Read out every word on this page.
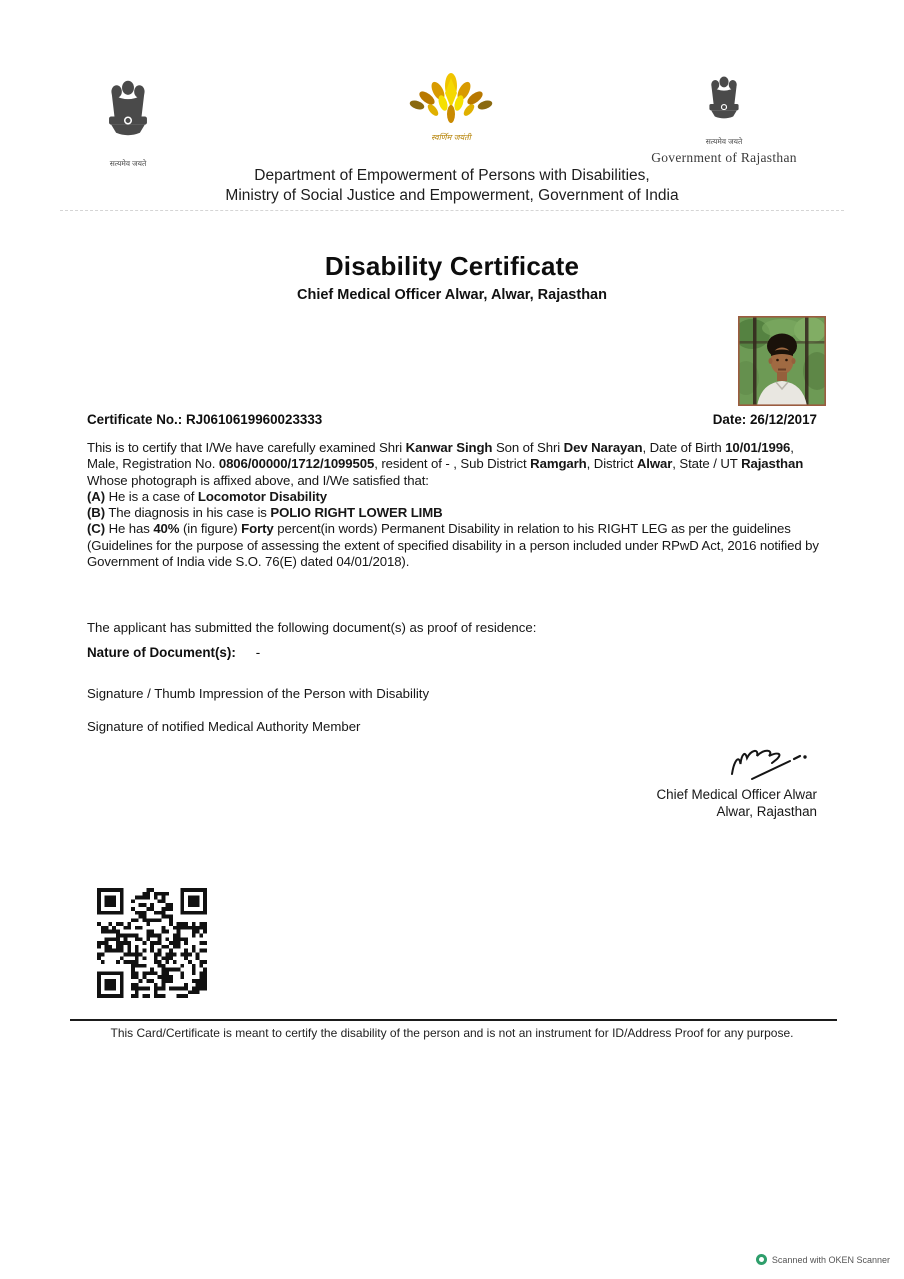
सत्यमेव जयते
स्वर्णिम जयंती	सत्यमेव जयते
Government of Rajasthan
Department of Empowerment of Persons with Disabilities,
Ministry of Social Justice and Empowerment, Government of India
Disability Certificate
Chief Medical Officer Alwar, Alwar, Rajasthan
Certificate No.: RJ0610619960023333	Date: 26/12/2017

This is to certify that I/We have carefully examined Shri Kanwar Singh Son of Shri Dev Narayan, Date of Birth 10/01/1996, Male, Registration No. 0806/00000/1712/1099505, resident of - , Sub District Ramgarh, District Alwar, State / UT Rajasthan

Whose photograph is affixed above, and I/We satisfied that:

(A) He is a case of Locomotor Disability

(B) The diagnosis in his case is POLIO RIGHT LOWER LIMB

(C) He has 40% (in figure) Forty percent(in words) Permanent Disability in relation to his RIGHT LEG as per the guidelines (Guidelines for the purpose of assessing the extent of specified disability in a person included under RPwD Act, 2016 notified by Government of India vide S.O. 76(E) dated 04/01/2018).

The applicant has submitted the following document(s) as proof of residence:
Nature of Document(s): -
Signature / Thumb Impression of the Person with Disability
Signature of notified Medical Authority Member
Chief Medical Officer Alwar
Alwar, Rajasthan
This Card/Certificate is meant to certify the disability of the person and is not an instrument for ID/Address Proof for any purpose.
Scanned with OKEN Scanner
